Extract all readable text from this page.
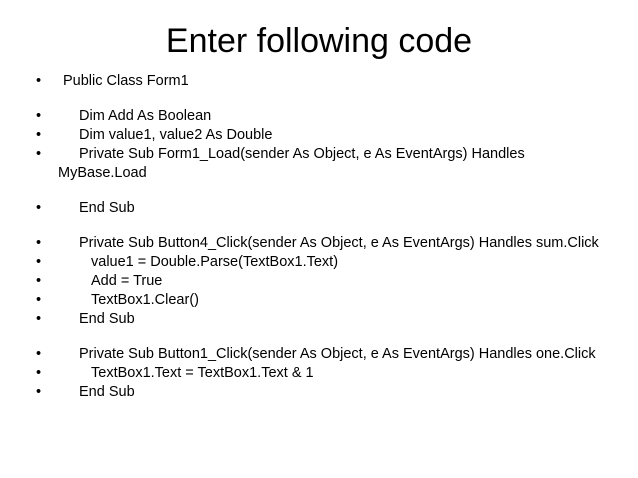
Enter following code
• Public Class Form1
•	Dim Add As Boolean
•	Dim value1, value2 As Double
•	Private Sub Form1_Load(sender As Object, e As EventArgs) Handles
MyBase.Load
•	End Sub
•	Private Sub Button4_Click(sender As Object, e As EventArgs) Handles sum.Click
•	value1 = Double.Parse(TextBox1.Text)
•	Add = True
•	TextBox1.Clear()
•	End Sub
•	Private Sub Button1_Click(sender As Object, e As EventArgs) Handles one.Click
•	TextBox1.Text = TextBox1.Text & 1
•	End Sub
